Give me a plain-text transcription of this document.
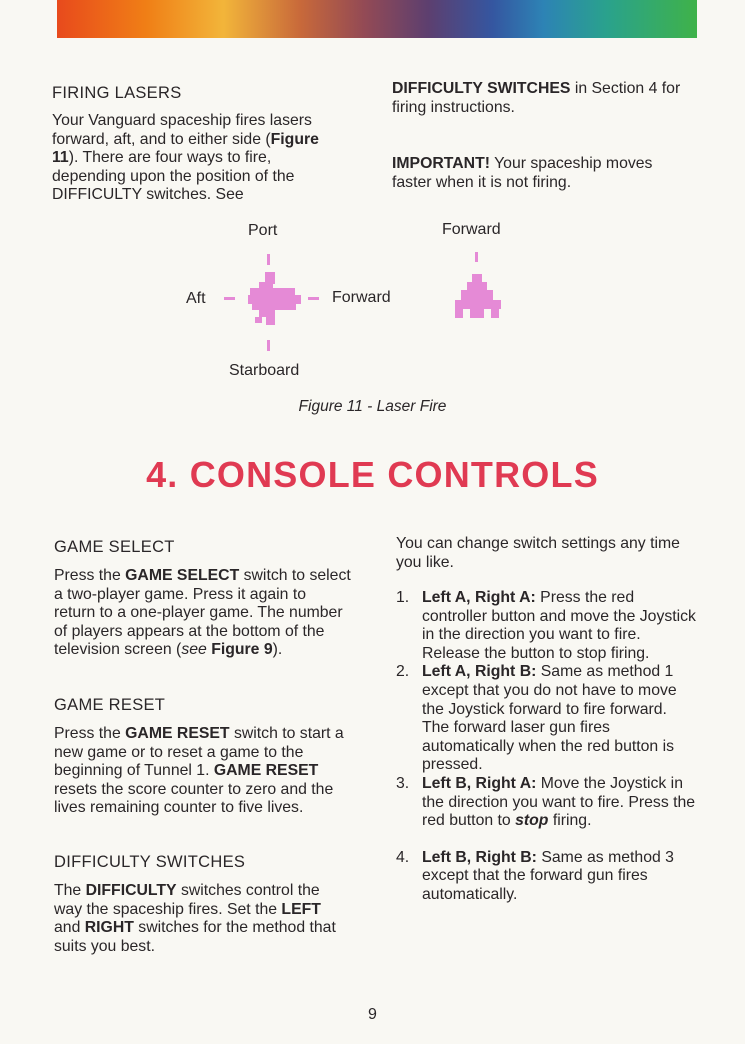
FIRING LASERS

Your Vanguard spaceship fires lasers forward, aft, and to either side (Figure 11). There are four ways to fire, depending upon the position of the DIFFICULTY switches. See

DIFFICULTY SWITCHES in Section 4 for firing instructions.

IMPORTANT! Your spaceship moves faster when it is not firing.

Port
Aft	Forward
Starboard
Forward
Figure 11 - Laser Fire
4. CONSOLE CONTROLS
GAME SELECT

Press the GAME SELECT switch to select a two-player game. Press it again to return to a one-player game. The number of players appears at the bottom of the television screen (see Figure 9).

GAME RESET

Press the GAME RESET switch to start a new game or to reset a game to the beginning of Tunnel 1. GAME RESET resets the score counter to zero and the lives remaining counter to five lives.

DIFFICULTY SWITCHES

The DIFFICULTY switches control the way the spaceship fires. Set the LEFT and RIGHT switches for the method that suits you best.

You can change switch settings any time you like.

1. Left A, Right A: Press the red controller button and move the Joystick in the direction you want to fire. Release the button to stop firing.
2. Left A, Right B: Same as method 1 except that you do not have to move the Joystick forward to fire forward. The forward laser gun fires automatically when the red button is pressed.
3. Left B, Right A: Move the Joystick in the direction you want to fire. Press the red button to stop firing.
4. Left B, Right B: Same as method 3 except that the forward gun fires automatically.
9
